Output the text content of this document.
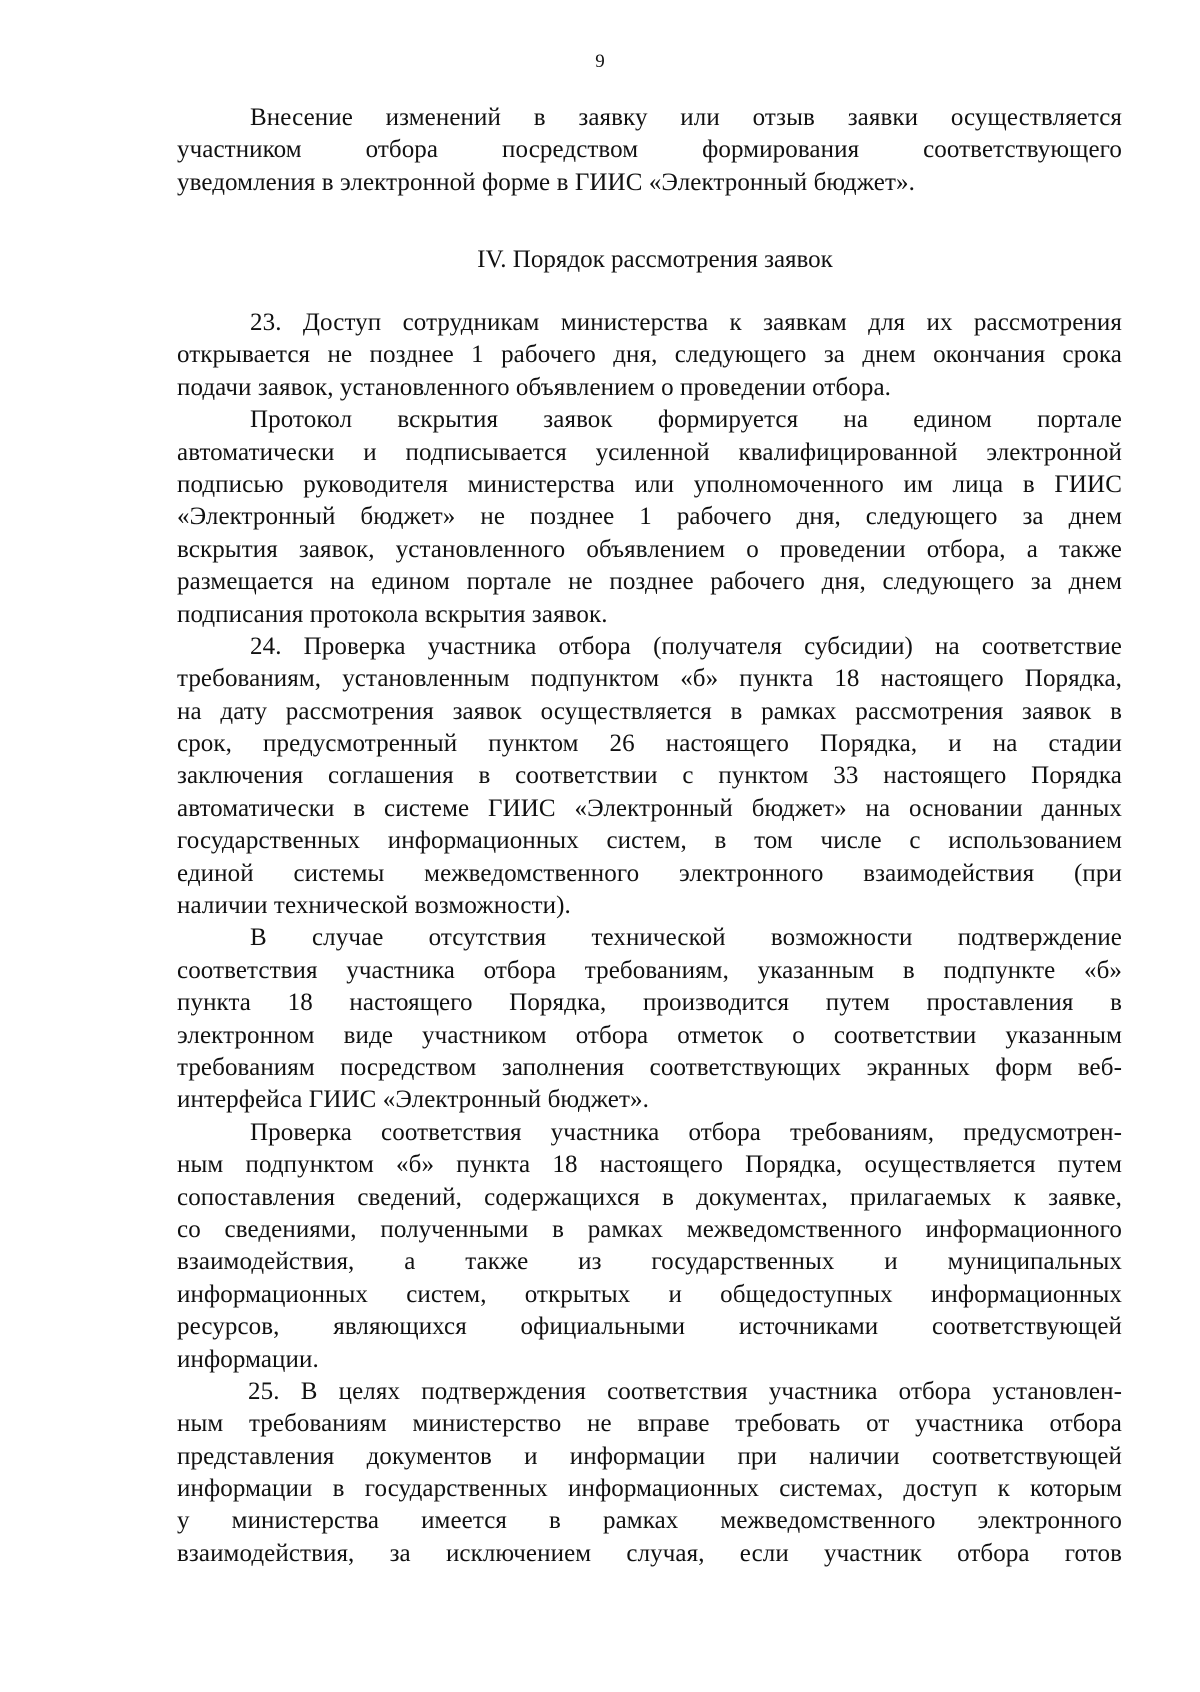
9
Внесение изменений в заявку или отзыв заявки осуществляется
участником отбора посредством формирования соответствующего
уведомления в электронной форме в ГИИС «Электронный бюджет».
IV. Порядок рассмотрения заявок
23. Доступ сотрудникам министерства к заявкам для их рассмотрения
открывается не позднее 1 рабочего дня, следующего за днем окончания срока
подачи заявок, установленного объявлением о проведении отбора.
Протокол вскрытия заявок формируется на едином портале
автоматически и подписывается усиленной квалифицированной электронной
подписью руководителя министерства или уполномоченного им лица в ГИИС
«Электронный бюджет» не позднее 1 рабочего дня, следующего за днем
вскрытия заявок, установленного объявлением о проведении отбора, а также
размещается на едином портале не позднее рабочего дня, следующего за днем
подписания протокола вскрытия заявок.
24. Проверка участника отбора (получателя субсидии) на соответствие
требованиям, установленным подпунктом «б» пункта 18 настоящего Порядка,
на дату рассмотрения заявок осуществляется в рамках рассмотрения заявок в
срок, предусмотренный пунктом 26 настоящего Порядка, и на стадии
заключения соглашения в соответствии с пунктом 33 настоящего Порядка
автоматически в системе ГИИС «Электронный бюджет» на основании данных
государственных информационных систем, в том числе с использованием
единой системы межведомственного электронного взаимодействия (при
наличии технической возможности).
В случае отсутствия технической возможности подтверждение
соответствия участника отбора требованиям, указанным в подпункте «б»
пункта 18 настоящего Порядка, производится путем проставления в
электронном виде участником отбора отметок о соответствии указанным
требованиям посредством заполнения соответствующих экранных форм веб-
интерфейса ГИИС «Электронный бюджет».
Проверка соответствия участника отбора требованиям, предусмотрен-
ным подпунктом «б» пункта 18 настоящего Порядка, осуществляется путем
сопоставления сведений, содержащихся в документах, прилагаемых к заявке,
со сведениями, полученными в рамках межведомственного информационного
взаимодействия, а также из государственных и муниципальных
информационных систем, открытых и общедоступных информационных
ресурсов, являющихся официальными источниками соответствующей
информации.
25. В целях подтверждения соответствия участника отбора установлен-
ным требованиям министерство не вправе требовать от участника отбора
представления документов и информации при наличии соответствующей
информации в государственных информационных системах, доступ к которым
у министерства имеется в рамках межведомственного электронного
взаимодействия, за исключением случая, если участник отбора готов
